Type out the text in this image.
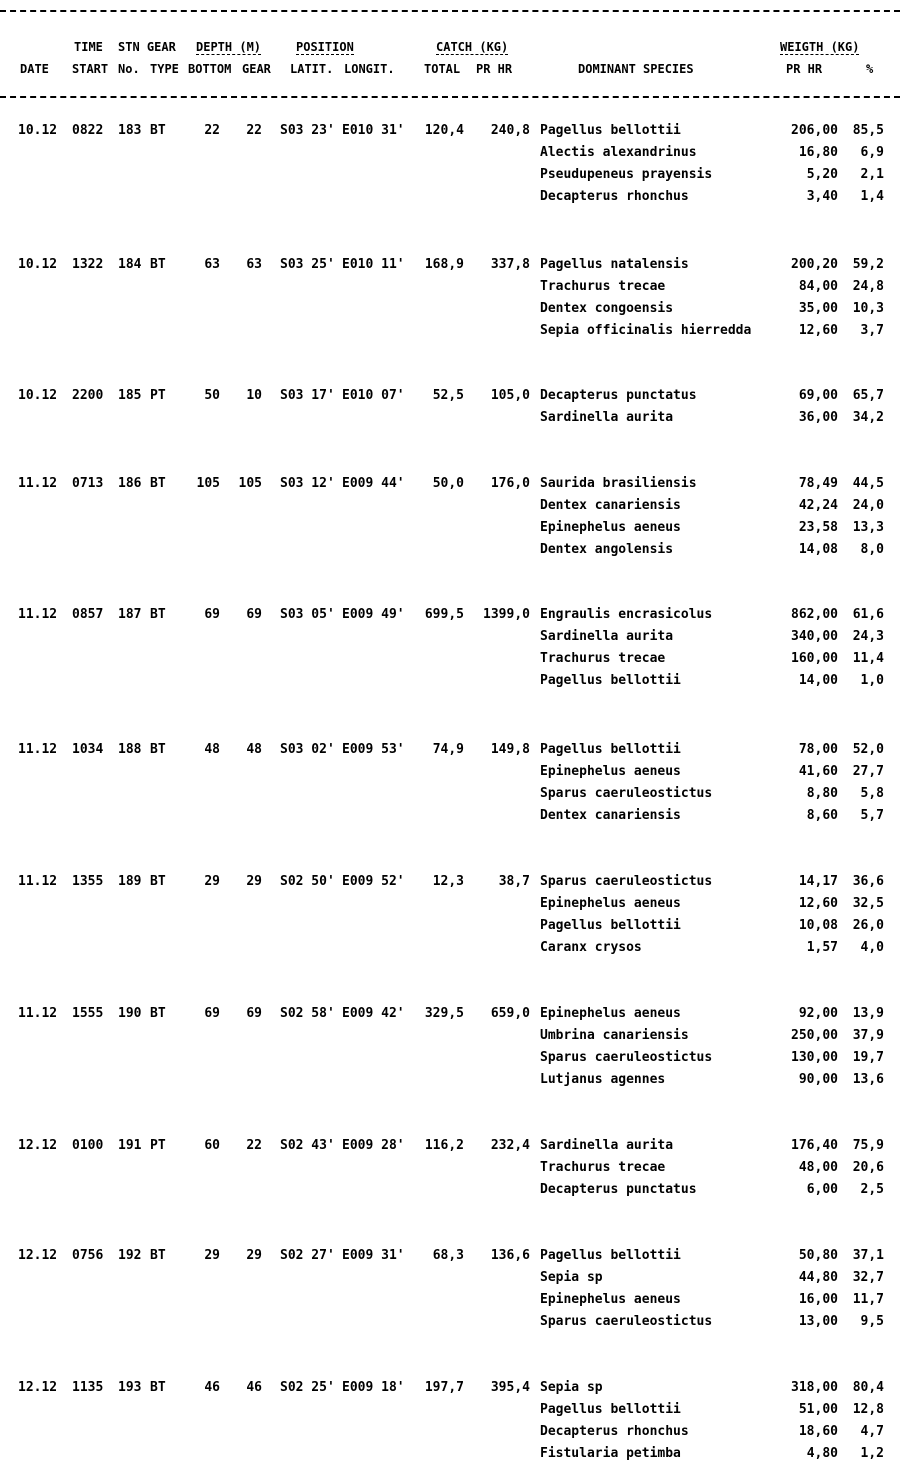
TIME STN GEAR DEPTH (M)	POSITION	CATCH (KG)	WEIGTH (KG)
DATE START No. TYPE BOTTOM GEAR LATIT. LONGIT. TOTAL PR HR	DOMINANT SPECIES	PR HR	%
10.12	0822	183 BT	22	22 S03 23' E010 31'	120,4	240,8 Pagellus bellottii	206,00	85,5
Alectis alexandrinus	16,80	6,9
Pseudupeneus prayensis	5,20	2,1
Decapterus rhonchus	3,40	1,4
10.12	1322	184 BT	63	63 S03 25' E010 11'	168,9	337,8 Pagellus natalensis	200,20	59,2
Trachurus trecae	84,00	24,8
Dentex congoensis	35,00	10,3
Sepia officinalis hierredda	12,60	3,7
10.12	2200	185 PT	50	10 S03 17' E010 07'	52,5	105,0 Decapterus punctatus	69,00	65,7
Sardinella aurita	36,00	34,2
11.12	0713	186 BT	105	105 S03 12' E009 44'	50,0	176,0 Saurida brasiliensis	78,49	44,5
Dentex canariensis	42,24	24,0
Epinephelus aeneus	23,58	13,3
Dentex angolensis	14,08	8,0
11.12	0857	187 BT	69	69 S03 05' E009 49'	699,5	1399,0 Engraulis encrasicolus	862,00	61,6
Sardinella aurita	340,00	24,3
Trachurus trecae	160,00	11,4
Pagellus bellottii	14,00	1,0
11.12	1034	188 BT	48	48 S03 02' E009 53'	74,9	149,8 Pagellus bellottii	78,00	52,0
Epinephelus aeneus	41,60	27,7
Sparus caeruleostictus	8,80	5,8
Dentex canariensis	8,60	5,7
11.12	1355	189 BT	29	29 S02 50' E009 52'	12,3	38,7 Sparus caeruleostictus	14,17	36,6
Epinephelus aeneus	12,60	32,5
Pagellus bellottii	10,08	26,0
Caranx crysos	1,57	4,0
11.12	1555	190 BT	69	69 S02 58' E009 42'	329,5	659,0 Epinephelus aeneus	92,00	13,9
Umbrina canariensis	250,00	37,9
Sparus caeruleostictus	130,00	19,7
Lutjanus agennes	90,00	13,6
12.12	0100	191 PT	60	22 S02 43' E009 28'	116,2	232,4 Sardinella aurita	176,40	75,9
Trachurus trecae	48,00	20,6
Decapterus punctatus	6,00	2,5
12.12	0756	192 BT	29	29 S02 27' E009 31'	68,3	136,6 Pagellus bellottii	50,80	37,1
Sepia sp	44,80	32,7
Epinephelus aeneus	16,00	11,7
Sparus caeruleostictus	13,00	9,5
12.12	1135	193 BT	46	46 S02 25' E009 18'	197,7	395,4 Sepia sp	318,00	80,4
Pagellus bellottii	51,00	12,8
Decapterus rhonchus	18,60	4,7
Fistularia petimba	4,80	1,2
